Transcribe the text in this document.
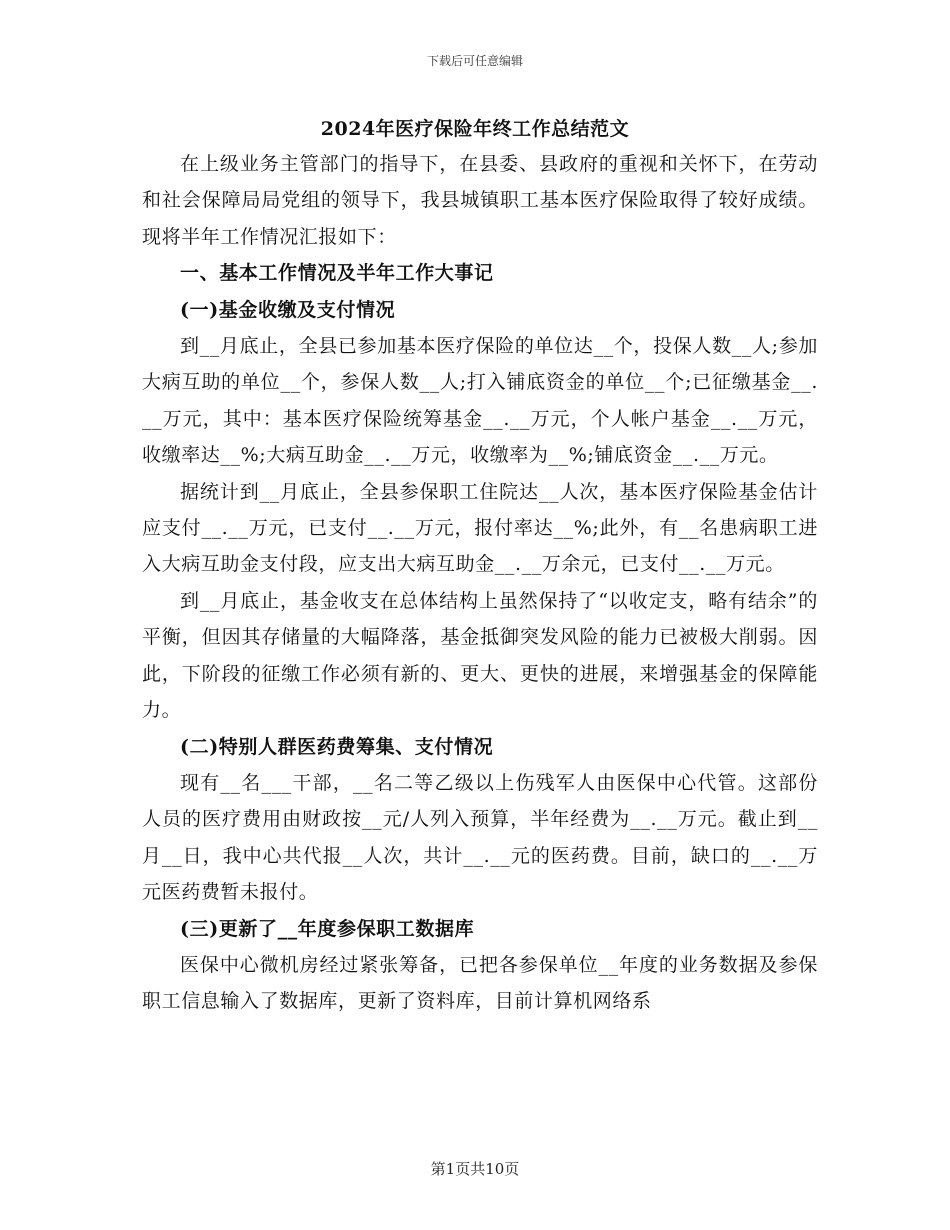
下载后可任意编辑
2024年医疗保险年终工作总结范文

在上级业务主管部门的指导下，在县委、县政府的重视和关怀下，在劳动和社会保障局局党组的领导下，我县城镇职工基本医疗保险取得了较好成绩。现将半年工作情况汇报如下：

一、基本工作情况及半年工作大事记

(一)基金收缴及支付情况

到__月底止，全县已参加基本医疗保险的单位达__个，投保人数__人;参加大病互助的单位__个，参保人数__人;打入铺底资金的单位__个;已征缴基金__.__万元，其中：基本医疗保险统筹基金__.__万元，个人帐户基金__.__万元，收缴率达__%;大病互助金__.__万元，收缴率为__%;铺底资金__.__万元。

据统计到__月底止，全县参保职工住院达__人次，基本医疗保险基金估计应支付__.__万元，已支付__.__万元，报付率达__%;此外，有__名患病职工进入大病互助金支付段，应支出大病互助金__.__万余元，已支付__.__万元。

到__月底止，基金收支在总体结构上虽然保持了“以收定支，略有结余”的平衡，但因其存储量的大幅降落，基金抵御突发风险的能力已被极大削弱。因此，下阶段的征缴工作必须有新的、更大、更快的进展，来增强基金的保障能力。

(二)特别人群医药费筹集、支付情况

现有__名___干部，__名二等乙级以上伤残军人由医保中心代管。这部份人员的医疗费用由财政按__元/人列入预算，半年经费为__.__万元。截止到__月__日，我中心共代报__人次，共计__.__元的医药费。目前，缺口的__.__万元医药费暂未报付。

(三)更新了__年度参保职工数据库

医保中心微机房经过紧张筹备，已把各参保单位__年度的业务数据及参保职工信息输入了数据库，更新了资料库，目前计算机网络系

第1页共10页
